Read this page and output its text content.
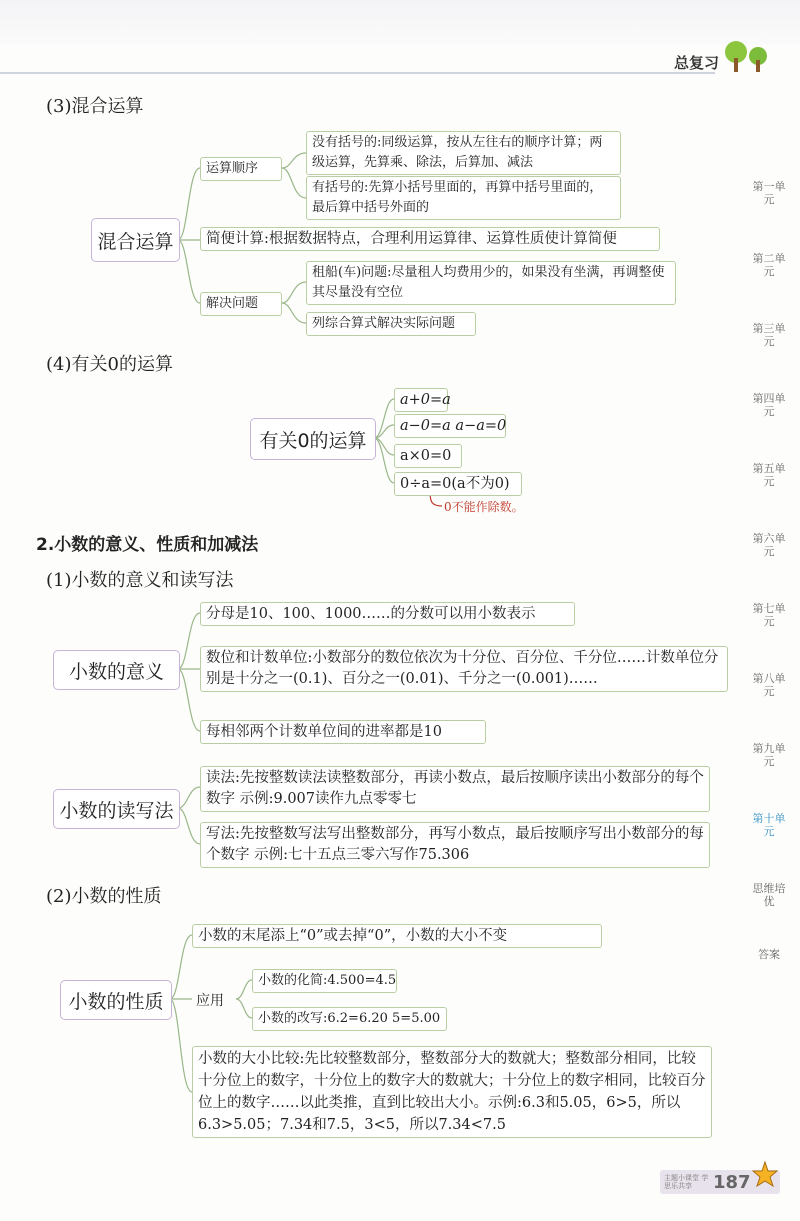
总复习
(3)混合运算
混合运算
运算顺序
没有括号的:同级运算，按从左往右的顺序计算；两级运算，先算乘、除法，后算加、减法
有括号的:先算小括号里面的，再算中括号里面的，最后算中括号外面的
简便计算:根据数据特点，合理利用运算律、运算性质使计算简便
解决问题
租船(车)问题:尽量租人均费用少的，如果没有坐满，再调整使其尽量没有空位
列综合算式解决实际问题
(4)有关0的运算
有关0的运算
a+0=a
a−0=a a−a=0
a×0=0
0÷a=0(a不为0)
0不能作除数。
2.小数的意义、性质和加减法
(1)小数的意义和读写法
小数的意义
分母是10、100、1000……的分数可以用小数表示
数位和计数单位:小数部分的数位依次为十分位、百分位、千分位……计数单位分别是十分之一(0.1)、百分之一(0.01)、千分之一(0.001)……
每相邻两个计数单位间的进率都是10
小数的读写法
读法:先按整数读法读整数部分，再读小数点，最后按顺序读出小数部分的每个数字 示例:9.007读作九点零零七
写法:先按整数写法写出整数部分，再写小数点，最后按顺序写出小数部分的每个数字 示例:七十五点三零六写作75.306
(2)小数的性质
小数的性质
小数的末尾添上“0”或去掉“0”，小数的大小不变
应用
小数的化简:4.500=4.5
小数的改写:6.2=6.20 5=5.00
小数的大小比较:先比较整数部分，整数部分大的数就大；整数部分相同，比较十分位上的数字，十分位上的数字大的数就大；十分位上的数字相同，比较百分位上的数字……以此类推，直到比较出大小。示例:6.3和5.05，6>5，所以6.3>5.05；7.34和7.5，3<5，所以7.34<7.5
第一单元
第二单元
第三单元
第四单元
第五单元
第六单元
第七单元
第八单元
第九单元
第十单元
思维培优
答案
主题小课堂 学思乐共享	187
